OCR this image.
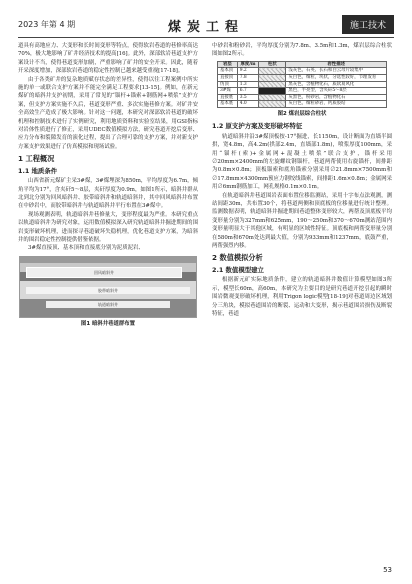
2023 年第 4 期	煤炭工程	施工技术

道具有高地应力、大变形和长时间变形等特点，使得软岩巷道的巷修率高达70%，极大地影响了矿井经济技术的提高[16]。此外，深部软岩巷道支护方案设计不当，使得巷道变形加剧，严重影响了矿井的安全开采。因此，随着开采深度增加，深部软岩巷道的稳定性控制已越来越受重视[17-18]。

由于各类矿井的复杂地质赋存状态的差异性，使得以往工程案例中所实施的单一或联合支护方案并不能完全满足工程要求[13-15]。例如，在新元煤矿的暗斜井支护初期，采用了常见的“锚杆+锚索+钢筋网+喷浆”支护方案，但支护方案实施不久后，巷道变形严重、多次实施巷修方案。对矿井安全高效生产造成了极大影响。针对这一问题，本研究对深部软岩巷道的破坏机理和控制技术进行了实例研究，利用地质资料和实验室结果，用GSI指标对岩体性质进行了修正，采用UDEC数值模拟方法，研究巷道开挖后变形、应力分布和裂隙发育的演化过程，提出了合理可靠的支护方案，并对新支护方案支护效果进行了仿真模拟和现场试验。

1 工程概况
1.1 地质条件

山西省新元煤矿主采3#煤，3#煤埋深为850m，平均厚度为6.7m，倾角平均为17°，含夹矸5～8层，夹矸厚度为0.9m，如图1所示，暗斜井群从北到北分别为回风暗斜井、胶带暗斜井和轨道暗斜井，其中回风暗斜井布置在中砂岩中，而胶带暗斜井与轨道暗斜井平行布置在3#煤中。

现场观测表明，轨道暗斜井巷修量大，变形程度最为严重。本研究重点以轨道暗斜井为研究对象，运用数值模拟深入研究轨道暗斜井掘进期间的围岩变形破坏机理，进而探寻巷道破坏失稳机理，优化巷道支护方案，为暗斜井的围岩稳定性控制提供借鉴依据。

3#煤直接顶、基本顶和直接底分别为泥质泥岩、

回风暗斜井
胶带暗斜井
轨道暗斜井
图1 暗斜井巷道群布置

中砂岩和粉砂岩，平均厚度分别为7.8m、3.5m和1.3m，煤岩层综合柱状图如图2所示。

岩层	厚度/m	柱状	岩性描述
基本顶	9.2		浅灰色，石英、长石和白云母片较集中
直接顶	7.8		灰白色，细粒，块状，分选性较好，节理发育
伪顶	1.3		黑灰色，含植物化石，质软易风化
3#煤	6.7		黑色，半亮型，含夹矸5～8层
直接底	3.5		灰黑色，粉砂岩，含植物化石
基本底	4.0		灰白色，细粒砂岩，钙质胶结
图2 煤岩层综合柱状
1.2 原支护方案及变形破坏特征

轨道暗斜井沿3#煤顶板按-17°掘进，长1150m，设计断面为直墙半圆拱，宽4.8m，高4.2m(拱部2.4m，直墙部1.8m)，喷浆厚度100mm，采用“锚杆(索)+金属网+混凝土喷浆”联合支护，锚杆采用∅20mm×2400mm的左旋螺纹钢锚杆，巷道两帮使用右旋锚杆，间排距为0.8m×0.8m；顶板锚索和底角锚索分别采用∅21.8mm×7500mm和∅17.8mm×4300mm预应力钢绞线锚索，间排距1.6m×0.8m；金属网采用∅6mm钢筋加工，网孔规格0.1m×0.1m。

在轨道暗斜井巷道围岩表面布置位移监测站，采用十字布点法观测，测站间距30m，共布置30个，将巷道两侧和顶底板的位移量进行统计整理。监测数据表明，轨道暗斜井掘进期间巷道整体变形较大，两帮及顶底板平均变形量分别为327mm和625mm，190～250m和370～670m测站范围内变形量明显大于其他区域，有明显的区域性特征。顶底板和两帮变形量分别在580m和670m处达到最大值，分别为933mm和1237mm，底鼓严重，两帮强烈内移。

2 数值模拟分析
2.1 数值模型建立

根据新元矿实际地质条件，建立的轨道暗斜井数值计算模型如图3所示，模型长60m，高60m，本研究为主要目的是研究巷道开挖引起的瞬时围岩微观变形破坏机理，利用Trigon logic模型[18-19]对巷道周边区域划分三角块，模拟巷道围岩的断裂、运动和大变形，揭示巷道围岩损伤及断裂特征，巷道

53
